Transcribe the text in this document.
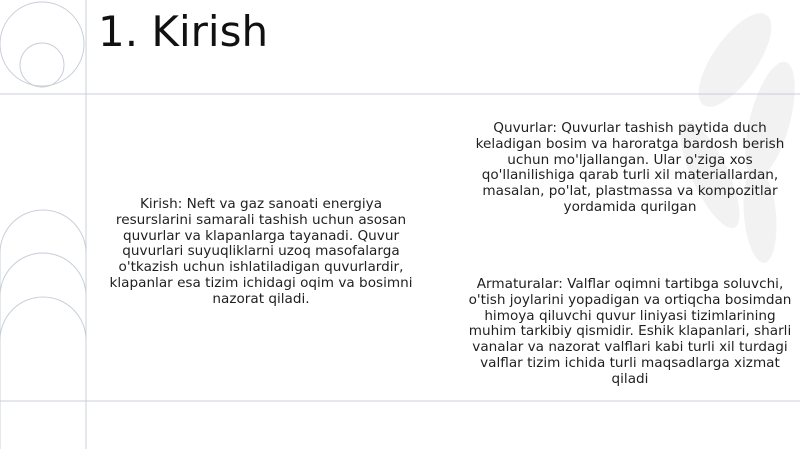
1. Kirish

Kirish: Neft va gaz sanoati energiya resurslarini samarali tashish uchun asosan quvurlar va klapanlarga tayanadi. Quvur quvurlari suyuqliklarni uzoq masofalarga o'tkazish uchun ishlatiladigan quvurlardir, klapanlar esa tizim ichidagi oqim va bosimni nazorat qiladi.

Quvurlar: Quvurlar tashish paytida duch keladigan bosim va haroratga bardosh berish uchun mo'ljallangan. Ular o'ziga xos qo'llanilishiga qarab turli xil materiallardan, masalan, po'lat, plastmassa va kompozitlar yordamida qurilgan

Armaturalar: Valflar oqimni tartibga soluvchi, o'tish joylarini yopadigan va ortiqcha bosimdan himoya qiluvchi quvur liniyasi tizimlarining muhim tarkibiy qismidir. Eshik klapanlari, sharli vanalar va nazorat valflari kabi turli xil turdagi valflar tizim ichida turli maqsadlarga xizmat qiladi
